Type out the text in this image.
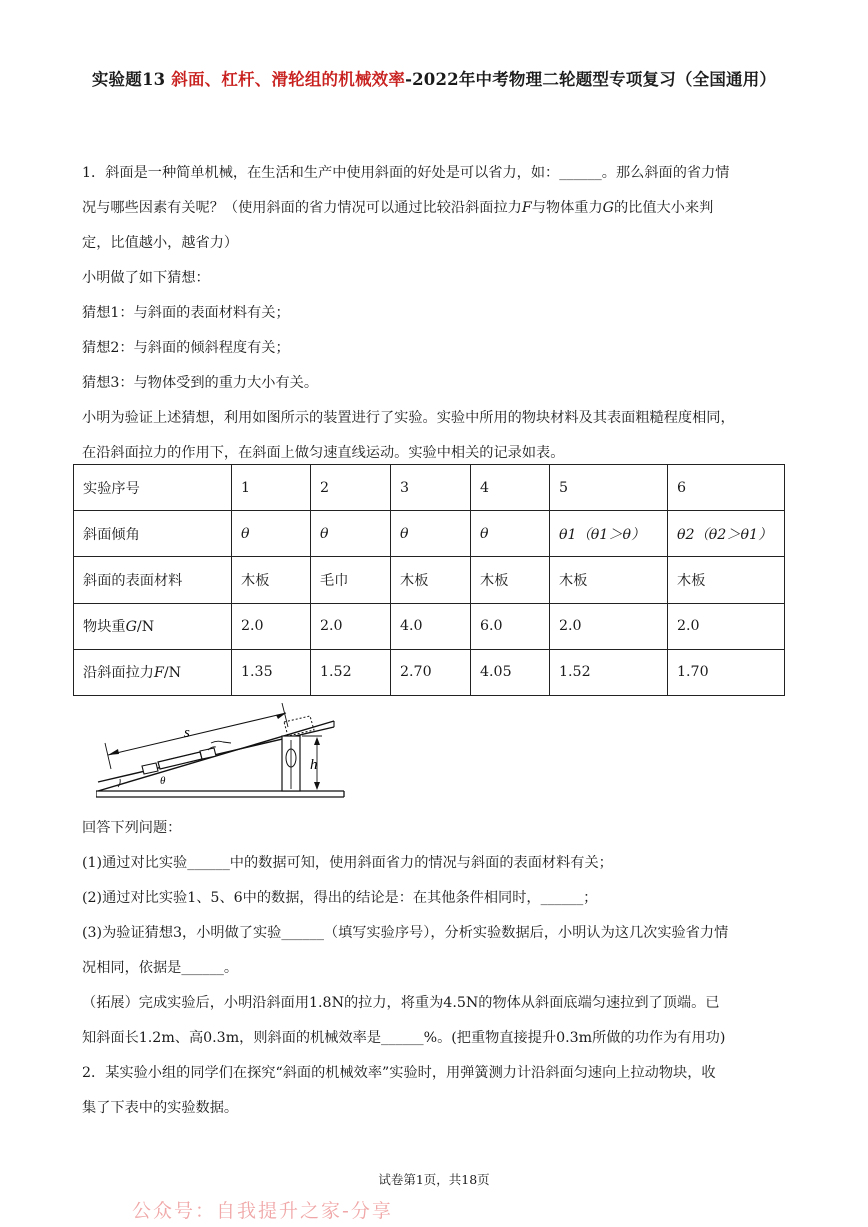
实验题13 斜面、杠杆、滑轮组的机械效率-2022年中考物理二轮题型专项复习（全国通用）
1．斜面是一种简单机械，在生活和生产中使用斜面的好处是可以省力，如：______。那么斜面的省力情
况与哪些因素有关呢？（使用斜面的省力情况可以通过比较沿斜面拉力F与物体重力G的比值大小来判
定，比值越小，越省力）
小明做了如下猜想：
猜想1：与斜面的表面材料有关；
猜想2：与斜面的倾斜程度有关；
猜想3：与物体受到的重力大小有关。
小明为验证上述猜想，利用如图所示的装置进行了实验。实验中所用的物块材料及其表面粗糙程度相同，
在沿斜面拉力的作用下，在斜面上做匀速直线运动。实验中相关的记录如表。
实验序号	1	2	3	4	5	6
斜面倾角	θ	θ	θ	θ	θ1（θ1＞θ）	θ2（θ2＞θ1）
斜面的表面材料	木板	毛巾	木板	木板	木板	木板
物块重G/N	2.0	2.0	4.0	6.0	2.0	2.0
沿斜面拉力F/N	1.35	1.52	2.70	4.05	1.52	1.70
s
h
θ
回答下列问题：
(1)通过对比实验______中的数据可知，使用斜面省力的情况与斜面的表面材料有关；
(2)通过对比实验1、5、6中的数据，得出的结论是：在其他条件相同时，______；
(3)为验证猜想3，小明做了实验______（填写实验序号），分析实验数据后，小明认为这几次实验省力情
况相同，依据是______。
（拓展）完成实验后，小明沿斜面用1.8N的拉力，将重为4.5N的物体从斜面底端匀速拉到了顶端。已
知斜面长1.2m、高0.3m，则斜面的机械效率是______%。(把重物直接提升0.3m所做的功作为有用功)
2．某实验小组的同学们在探究“斜面的机械效率”实验时，用弹簧测力计沿斜面匀速向上拉动物块，收
集了下表中的实验数据。
试卷第1页，共18页
公众号：自我提升之家-分享
